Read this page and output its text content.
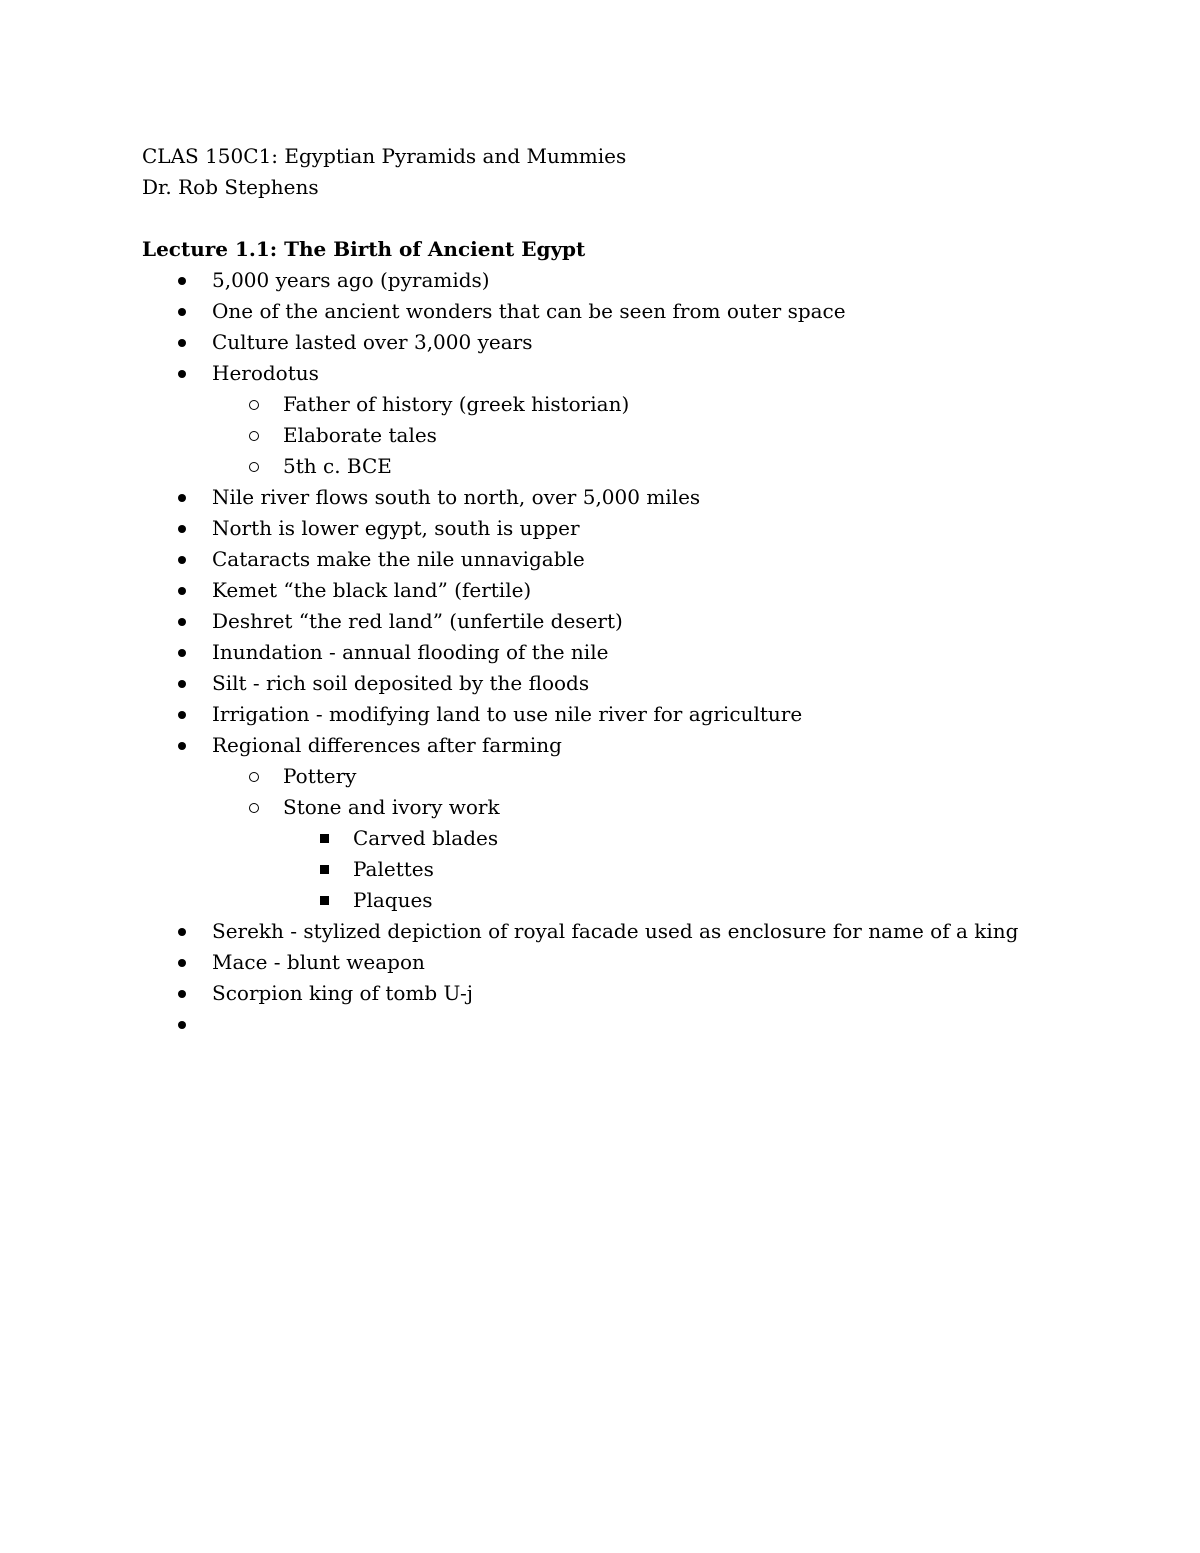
CLAS 150C1: Egyptian Pyramids and Mummies
Dr. Rob Stephens
Lecture 1.1: The Birth of Ancient Egypt
5,000 years ago (pyramids)
One of the ancient wonders that can be seen from outer space
Culture lasted over 3,000 years
Herodotus
Father of history (greek historian)
Elaborate tales
5th c. BCE
Nile river flows south to north, over 5,000 miles
North is lower egypt, south is upper
Cataracts make the nile unnavigable
Kemet “the black land” (fertile)
Deshret “the red land” (unfertile desert)
Inundation - annual flooding of the nile
Silt - rich soil deposited by the floods
Irrigation - modifying land to use nile river for agriculture
Regional differences after farming
Pottery
Stone and ivory work
Carved blades
Palettes
Plaques
Serekh - stylized depiction of royal facade used as enclosure for name of a king
Mace - blunt weapon
Scorpion king of tomb U-j
